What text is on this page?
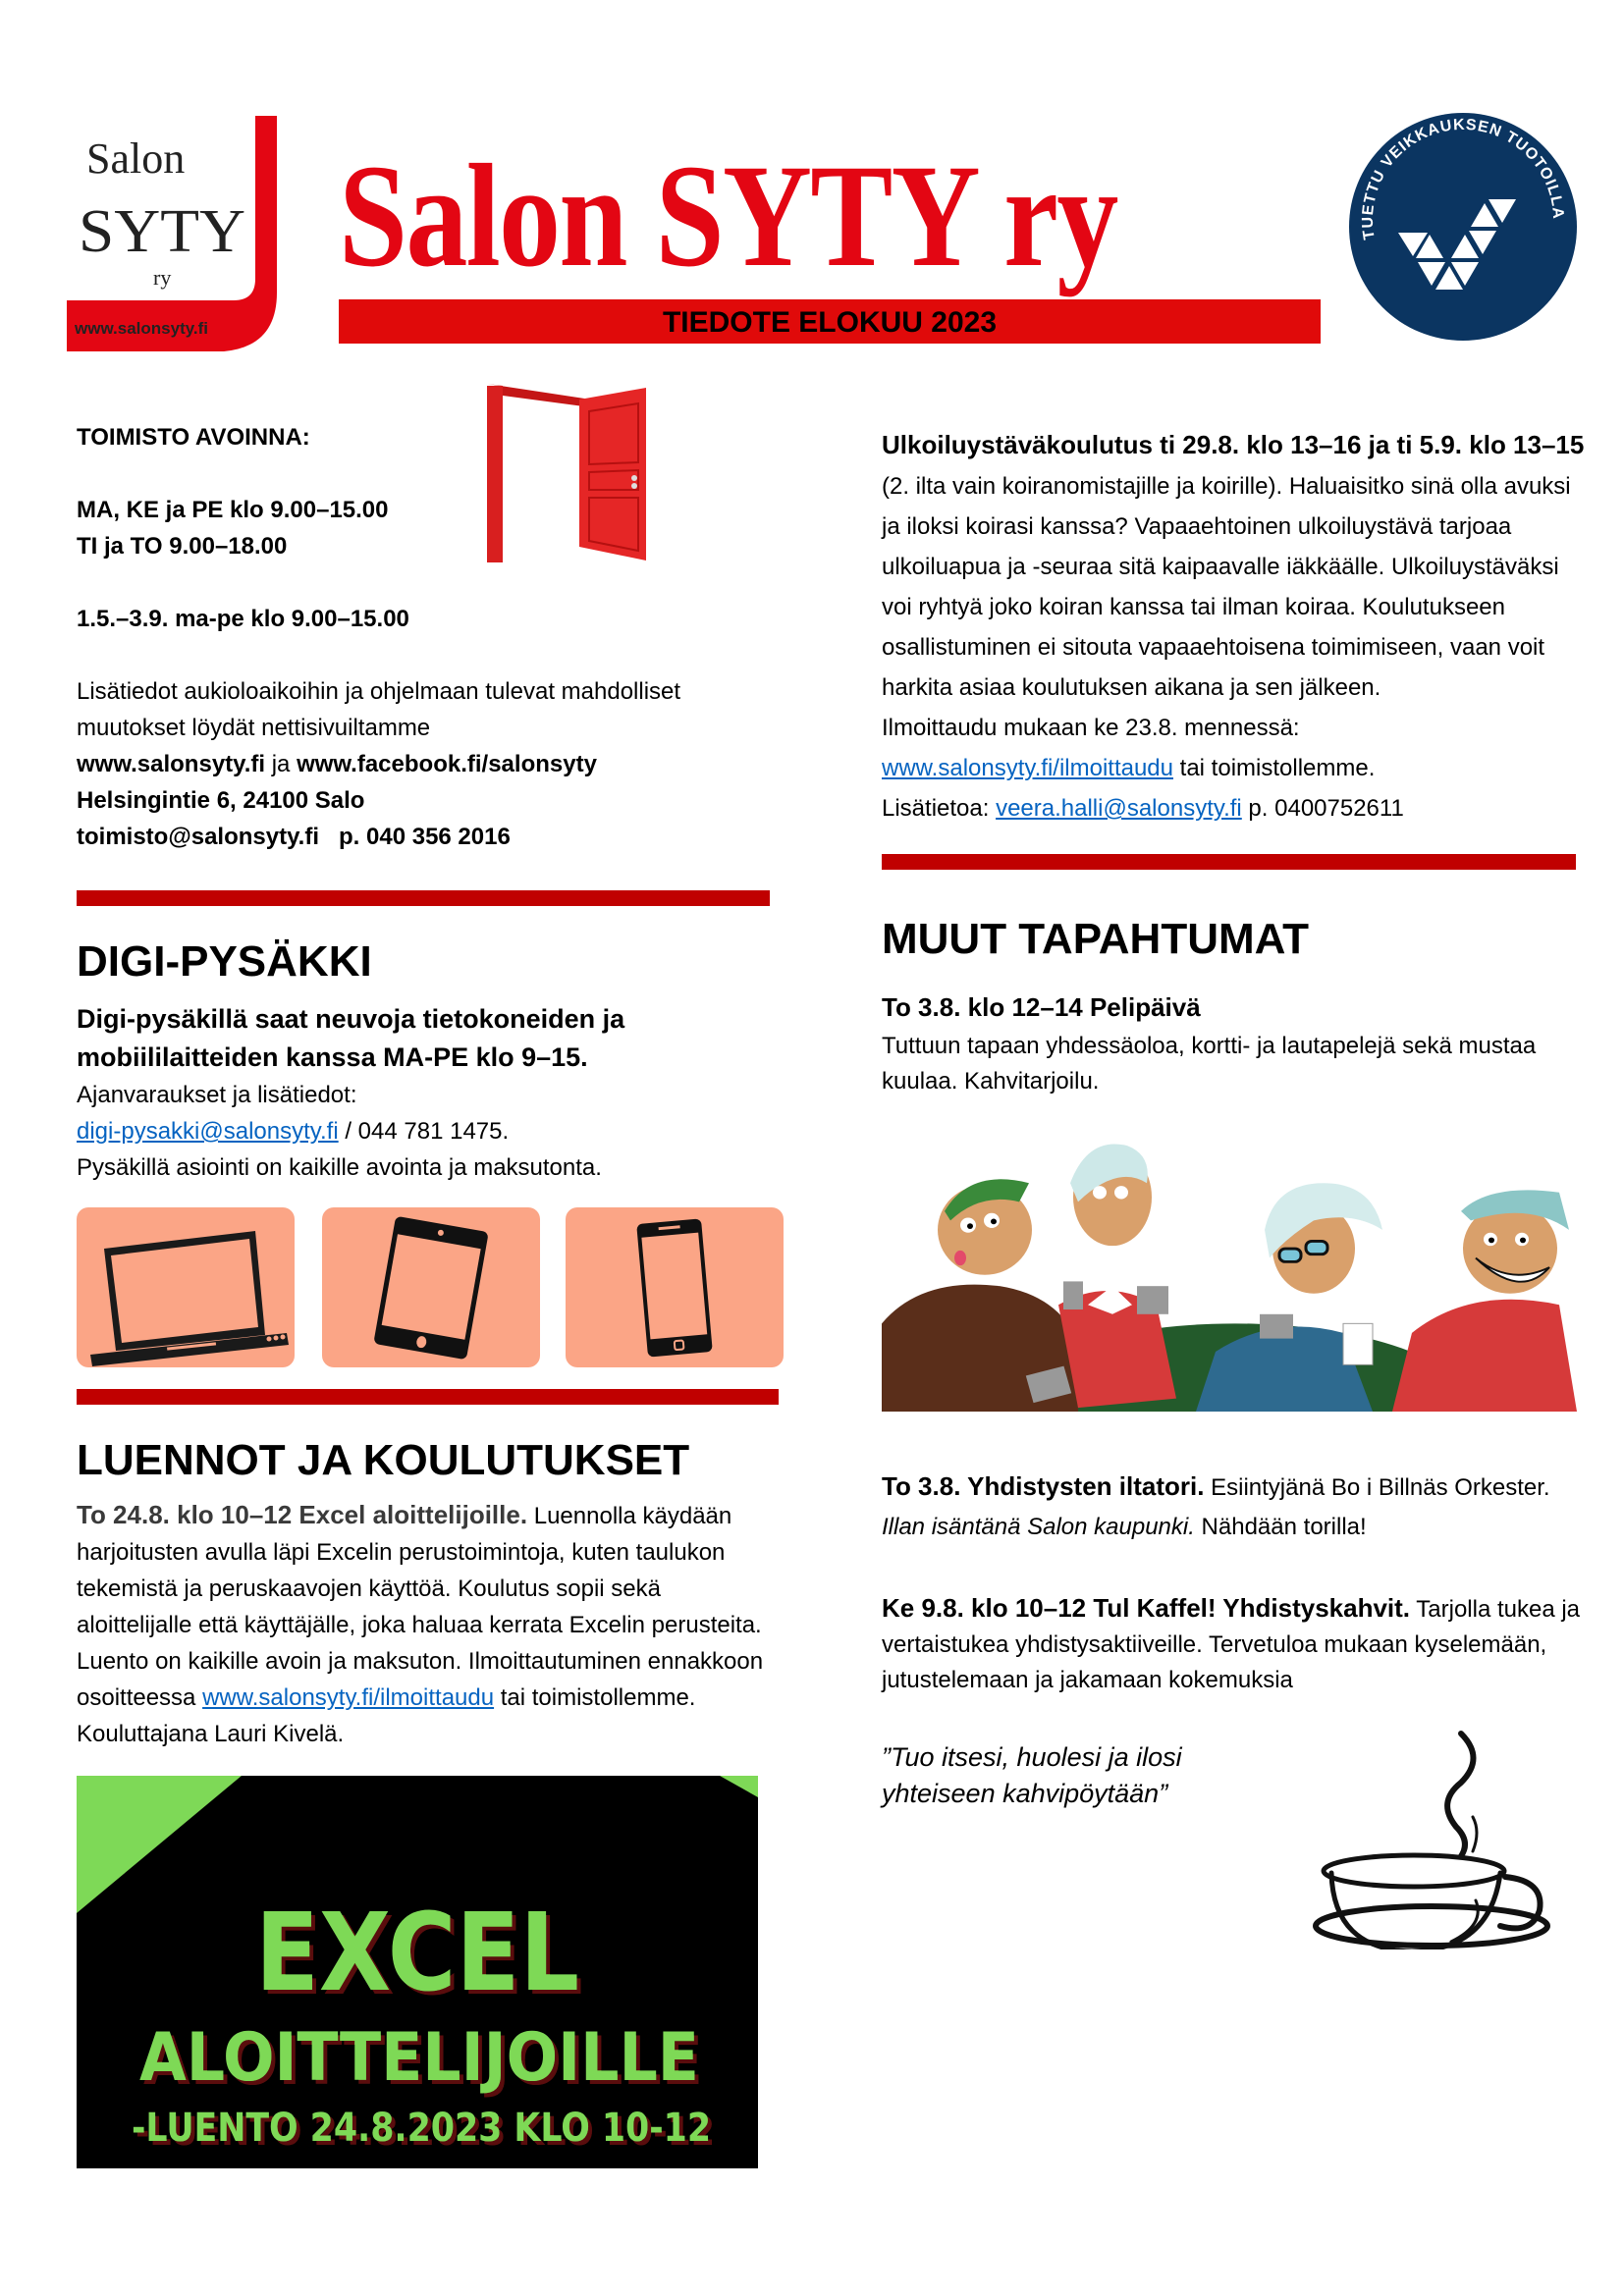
Salon
SYTY
ry
www.salonsyty.fi
Salon SYTY ry
TIEDOTE ELOKUU 2023
TUETTU VEIKKAUKSEN TUOTOILLA

TOIMISTO AVOINNA:

MA, KE ja PE klo 9.00–15.00

TI ja TO 9.00–18.00

1.5.–3.9. ma-pe klo 9.00–15.00

Lisätiedot aukioloaikoihin ja ohjelmaan tulevat mahdolliset muutokset löydät nettisivuiltamme

www.salonsyty.fi ja www.facebook.fi/salonsyty

Helsingintie 6, 24100 Salo

toimisto@salonsyty.fi p. 040 356 2016

DIGI-PYSÄKKI

Digi-pysäkillä saat neuvoja tietokoneiden ja mobiililaitteiden kanssa MA-PE klo 9–15.

Ajanvaraukset ja lisätiedot:

digi-pysakki@salonsyty.fi / 044 781 1475.

Pysäkillä asiointi on kaikille avointa ja maksutonta.

LUENNOT JA KOULUTUKSET

To 24.8. klo 10–12 Excel aloittelijoille. Luennolla käydään harjoitusten avulla läpi Excelin perustoimintoja, kuten taulukon tekemistä ja peruskaavojen käyttöä. Koulutus sopii sekä aloittelijalle että käyttäjälle, joka haluaa kerrata Excelin perusteita. Luento on kaikille avoin ja maksuton. Ilmoittautuminen ennakkoon osoitteessa www.salonsyty.fi/ilmoittaudu tai toimistollemme.

Kouluttajana Lauri Kivelä.

EXCEL
ALOITTELIJOILLE
-LUENTO 24.8.2023 KLO 10-12

Ulkoiluystäväkoulutus ti 29.8. klo 13–16 ja ti 5.9. klo 13–15 (2. ilta vain koiranomistajille ja koirille). Haluaisitko sinä olla avuksi ja iloksi koirasi kanssa? Vapaaehtoinen ulkoiluystävä tarjoaa ulkoiluapua ja -seuraa sitä kaipaavalle iäkkäälle. Ulkoiluystäväksi voi ryhtyä joko koiran kanssa tai ilman koiraa. Koulutukseen osallistuminen ei sitouta vapaaehtoisena toimimiseen, vaan voit harkita asiaa koulutuksen aikana ja sen jälkeen.

Ilmoittaudu mukaan ke 23.8. mennessä:

www.salonsyty.fi/ilmoittaudu tai toimistollemme.

Lisätietoa: veera.halli@salonsyty.fi p. 0400752611

MUUT TAPAHTUMAT

To 3.8. klo 12–14 Pelipäivä

Tuttuun tapaan yhdessäoloa, kortti- ja lautapelejä sekä mustaa kuulaa. Kahvitarjoilu.

To 3.8. Yhdistysten iltatori. Esiintyjänä Bo i Billnäs Orkester. Illan isäntänä Salon kaupunki. Nähdään torilla!

Ke 9.8. klo 10–12 Tul Kaffel! Yhdistyskahvit. Tarjolla tukea ja vertaistukea yhdistysaktiiveille. Tervetuloa mukaan kyselemään, jutustelemaan ja jakamaan kokemuksia

”Tuo itsesi, huolesi ja ilosi yhteiseen kahvipöytään”
